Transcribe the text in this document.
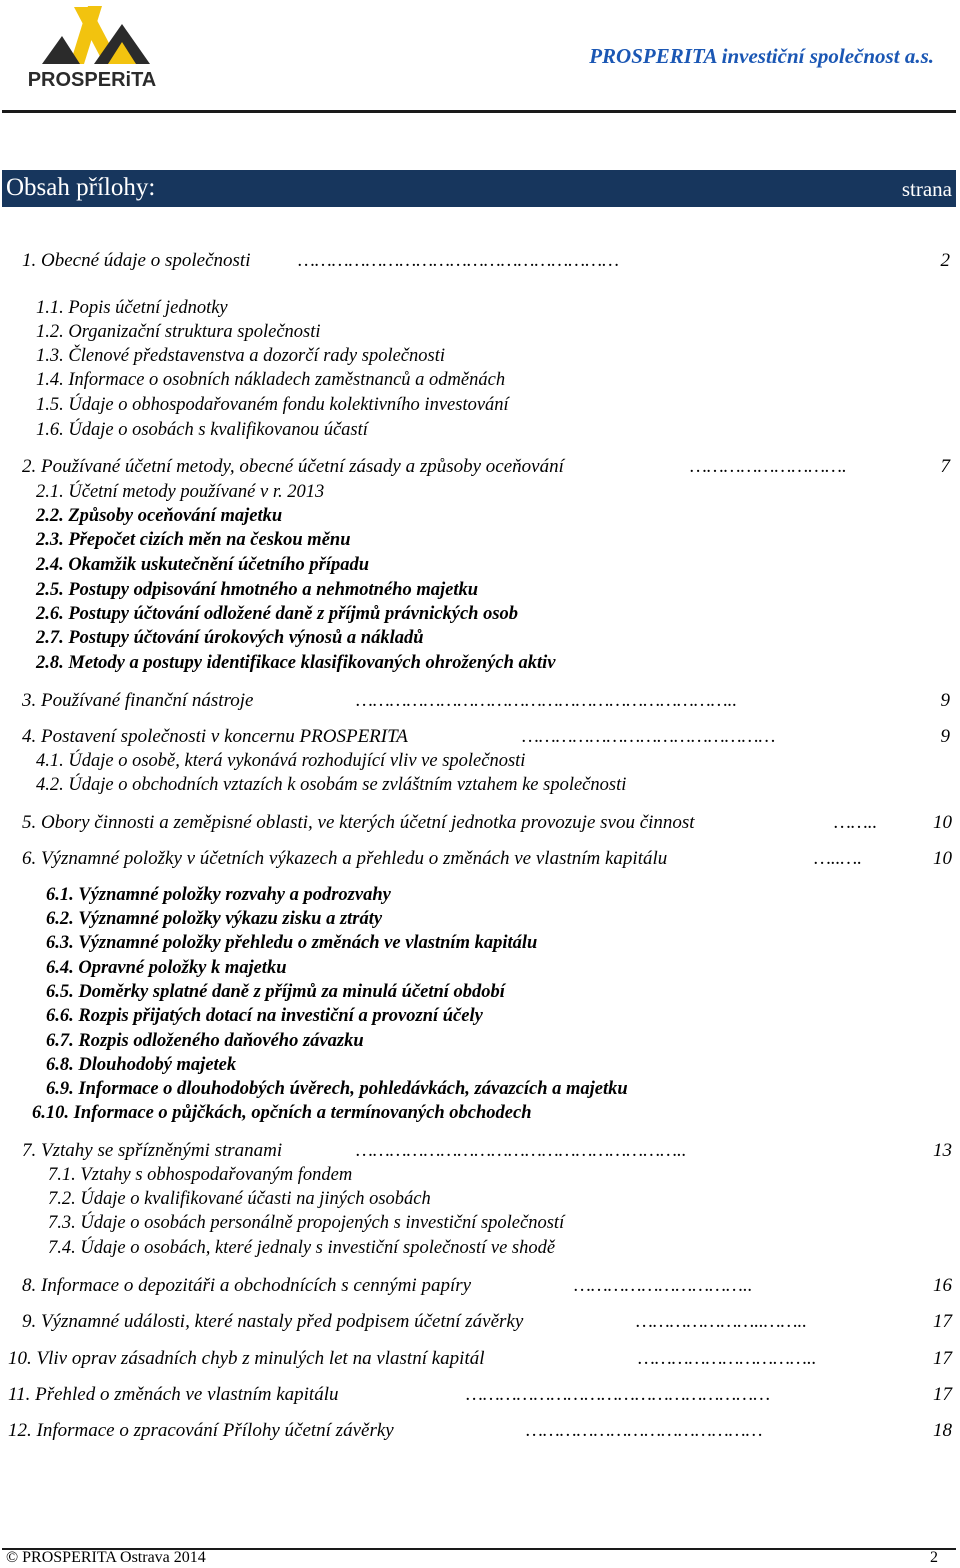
PROSPERiTA
PROSPERITA investiční společnost a.s.
Obsah přílohy:	strana
1. Obecné údaje o společnosti	…………………………………………………	2
1.1. Popis účetní jednotky
1.2. Organizační struktura společnosti
1.3. Členové představenstva a dozorčí rady společnosti
1.4. Informace o osobních nákladech zaměstnanců a odměnách
1.5. Údaje o obhospodařovaném fondu kolektivního investování
1.6. Údaje o osobách s kvalifikovanou účastí
2. Používané účetní metody, obecné účetní zásady a způsoby oceňování	……………………….	7
2.1. Účetní metody používané v r. 2013
2.2. Způsoby oceňování majetku
2.3. Přepočet cizích měn na českou měnu
2.4. Okamžik uskutečnění účetního případu
2.5. Postupy odpisování hmotného a nehmotného majetku
2.6. Postupy účtování odložené daně z příjmů právnických osob
2.7. Postupy účtování úrokových výnosů a nákladů
2.8. Metody a postupy identifikace klasifikovaných ohrožených aktiv
3. Používané finanční nástroje	…………………………………………………………..	9
4. Postavení společnosti v koncernu PROSPERITA	………………………………………	9
4.1. Údaje o osobě, která vykonává rozhodující vliv ve společnosti
4.2. Údaje o obchodních vztazích k osobám se zvláštním vztahem ke společnosti
5. Obory činnosti a zeměpisné oblasti, ve kterých účetní jednotka provozuje svou činnost	……..	10
6. Významné položky v účetních výkazech a přehledu o změnách ve vlastním kapitálu	…..….	10
6.1. Významné položky rozvahy a podrozvahy
6.2. Významné položky výkazu zisku a ztráty
6.3. Významné položky přehledu o změnách ve vlastním kapitálu
6.4. Opravné položky k majetku
6.5. Doměrky splatné daně z příjmů za minulá účetní období
6.6. Rozpis přijatých dotací na investiční a provozní účely
6.7. Rozpis odloženého daňového závazku
6.8. Dlouhodobý majetek
6.9. Informace o dlouhodobých úvěrech, pohledávkách, závazcích a majetku
6.10. Informace o půjčkách, opčních a termínovaných obchodech
7. Vztahy se spřízněnými stranami	…………………………………………………..	13
7.1. Vztahy s obhospodařovaným fondem
7.2. Údaje o kvalifikované účasti na jiných osobách
7.3. Údaje o osobách personálně propojených s investiční společností
7.4. Údaje o osobách, které jednaly s investiční společností ve shodě
8. Informace o depozitáři a obchodnících s cennými papíry	…………………………..	16
9. Významné události, které nastaly před podpisem účetní závěrky	…………………..……..	17
10. Vliv oprav zásadních chyb z minulých let na vlastní kapitál	…………………………..	17
11. Přehled o změnách ve vlastním kapitálu	………………………………………………	17
12. Informace o zpracování Přílohy účetní závěrky	……………………………………	18
© PROSPERITA Ostrava 2014	2
